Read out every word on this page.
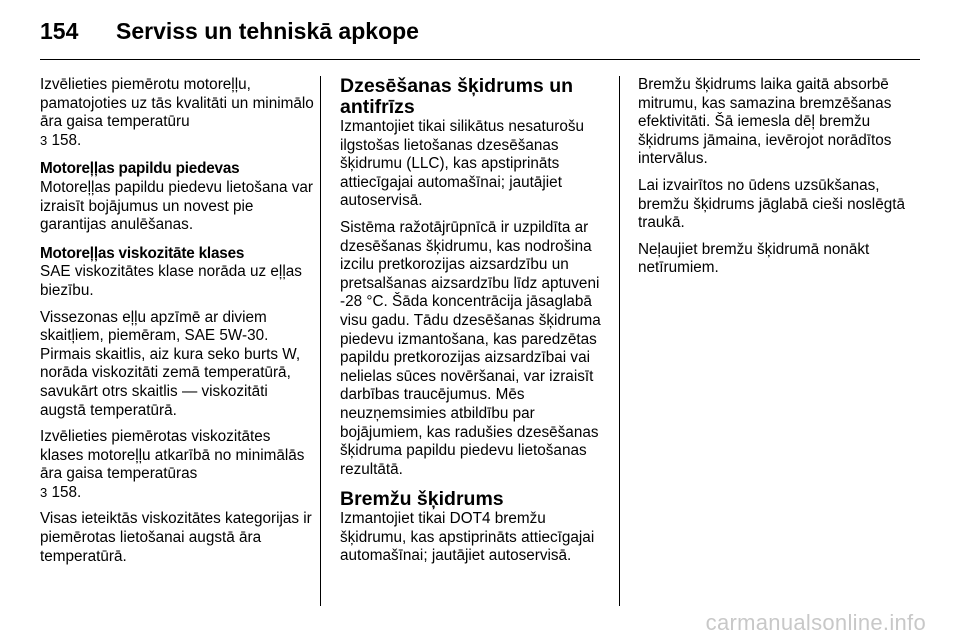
154	Serviss un tehniskā apkope

Izvēlieties piemērotu motoreļļu, pamatojoties uz tās kvalitāti un minimālo āra gaisa temperatūru
3 158.

Motoreļļas papildu piedevas

Motoreļļas papildu piedevu lietošana var izraisīt bojājumus un novest pie garantijas anulēšanas.

Motoreļļas viskozitāte klases

SAE viskozitātes klase norāda uz eļļas biezību.

Vissezonas eļļu apzīmē ar diviem skaitļiem, piemēram, SAE 5W-30. Pirmais skaitlis, aiz kura seko burts W, norāda viskozitāti zemā temperatūrā, savukārt otrs skaitlis — viskozitāti augstā temperatūrā.

Izvēlieties piemērotas viskozitātes klases motoreļļu atkarībā no minimālās āra gaisa temperatūras
3 158.

Visas ieteiktās viskozitātes kategorijas ir piemērotas lietošanai augstā āra temperatūrā.

Dzesēšanas šķidrums un antifrīzs

Izmantojiet tikai silikātus nesaturošu ilgstošas lietošanas dzesēšanas šķidrumu (LLC), kas apstiprināts attiecīgajai automašīnai; jautājiet autoservisā.

Sistēma ražotājrūpnīcā ir uzpildīta ar dzesēšanas šķidrumu, kas nodrošina izcilu pretkorozijas aizsardzību un pretsalšanas aizsardzību līdz aptuveni -28 °C. Šāda koncentrācija jāsaglabā visu gadu. Tādu dzesēšanas šķidruma piedevu izmantošana, kas paredzētas papildu pretkorozijas aizsardzībai vai nelielas sūces novēršanai, var izraisīt darbības traucējumus. Mēs neuzņemsimies atbildību par bojājumiem, kas radušies dzesēšanas šķidruma papildu piedevu lietošanas rezultātā.

Bremžu šķidrums

Izmantojiet tikai DOT4 bremžu šķidrumu, kas apstiprināts attiecīgajai automašīnai; jautājiet autoservisā.

Bremžu šķidrums laika gaitā absorbē mitrumu, kas samazina bremzēšanas efektivitāti. Šā iemesla dēļ bremžu šķidrums jāmaina, ievērojot norādītos intervālus.

Lai izvairītos no ūdens uzsūkšanas, bremžu šķidrums jāglabā cieši noslēgtā traukā.

Neļaujiet bremžu šķidrumā nonākt netīrumiem.

carmanualsonline.info
